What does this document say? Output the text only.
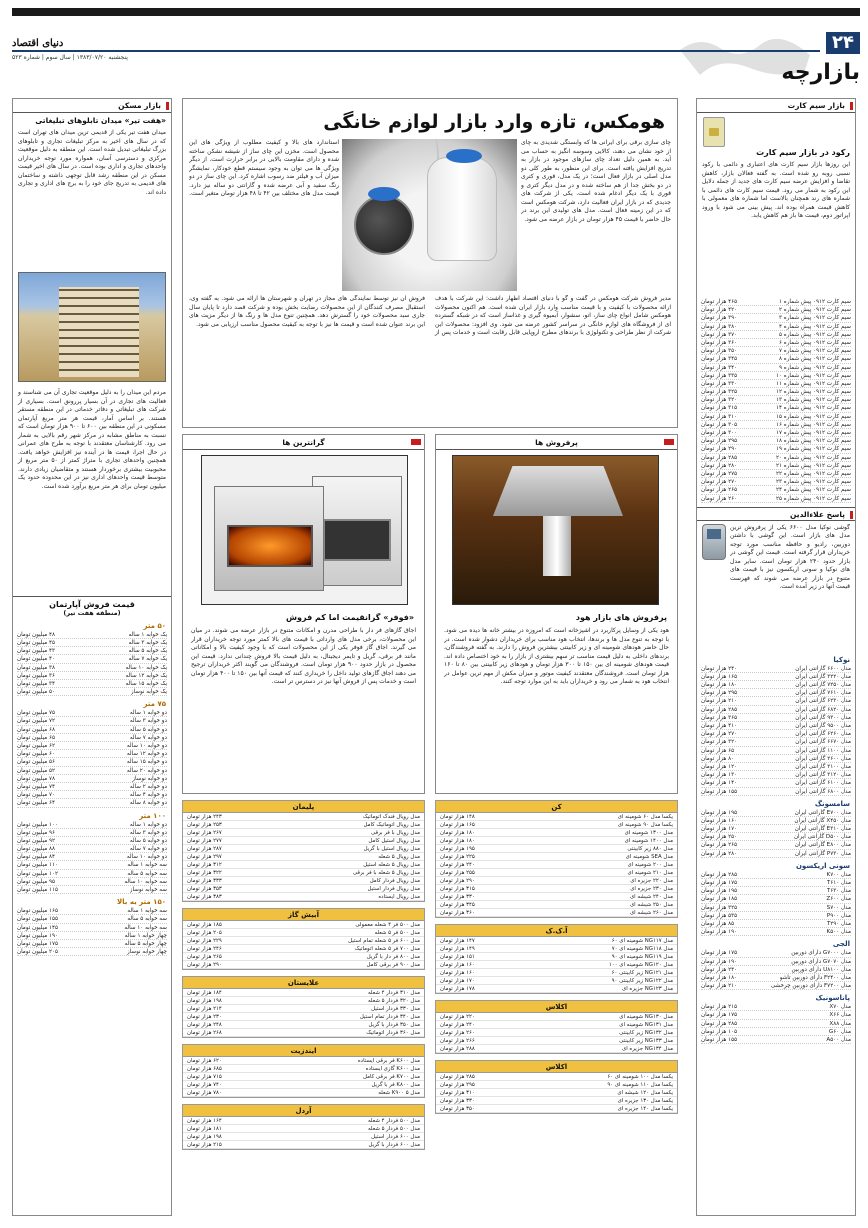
۲۴
بازارچه
دنیای اقتصاد
پنجشنبه ۱۳۸۳/۰۷/۲۰ | سال سوم | شماره ۵۲۳
بازار سیم کارت
رکود در بازار سیم کارت
این روزها بازار سیم کارت های اعتباری و دائمی با رکود نسبی روبه رو شده است. به گفته فعالان بازار، کاهش تقاضا و افزایش عرضه سیم کارت های جدید از جمله دلایل این رکود به شمار می رود. قیمت سیم کارت های دائمی با شماره های رند همچنان بالاست اما شماره های معمولی با کاهش قیمت همراه بوده اند. پیش بینی می شود با ورود اپراتور دوم، قیمت ها باز هم کاهش یابد.
سیم کارت ۰۹۱۲ پیش شماره ۱
۴۶۵ هزار تومان
سیم کارت ۰۹۱۲ پیش شماره ۲
۴۲۰ هزار تومان
سیم کارت ۰۹۱۲ پیش شماره ۳
۳۹۰ هزار تومان
سیم کارت ۰۹۱۲ پیش شماره ۴
۳۸۰ هزار تومان
سیم کارت ۰۹۱۲ پیش شماره ۵
۳۷۰ هزار تومان
سیم کارت ۰۹۱۲ پیش شماره ۶
۳۶۰ هزار تومان
سیم کارت ۰۹۱۲ پیش شماره ۷
۳۵۰ هزار تومان
سیم کارت ۰۹۱۲ پیش شماره ۸
۳۴۵ هزار تومان
سیم کارت ۰۹۱۲ پیش شماره ۹
۳۴۰ هزار تومان
سیم کارت ۰۹۱۲ پیش شماره ۱۰
۳۳۵ هزار تومان
سیم کارت ۰۹۱۲ پیش شماره ۱۱
۳۳۰ هزار تومان
سیم کارت ۰۹۱۲ پیش شماره ۱۲
۳۲۵ هزار تومان
سیم کارت ۰۹۱۲ پیش شماره ۱۳
۳۲۰ هزار تومان
سیم کارت ۰۹۱۲ پیش شماره ۱۴
۳۱۵ هزار تومان
سیم کارت ۰۹۱۲ پیش شماره ۱۵
۳۱۰ هزار تومان
سیم کارت ۰۹۱۲ پیش شماره ۱۶
۳۰۵ هزار تومان
سیم کارت ۰۹۱۲ پیش شماره ۱۷
۳۰۰ هزار تومان
سیم کارت ۰۹۱۲ پیش شماره ۱۸
۲۹۵ هزار تومان
سیم کارت ۰۹۱۲ پیش شماره ۱۹
۲۹۰ هزار تومان
سیم کارت ۰۹۱۲ پیش شماره ۲۰
۲۸۵ هزار تومان
سیم کارت ۰۹۱۲ پیش شماره ۲۱
۲۸۰ هزار تومان
سیم کارت ۰۹۱۲ پیش شماره ۲۲
۲۷۵ هزار تومان
سیم کارت ۰۹۱۲ پیش شماره ۲۳
۲۷۰ هزار تومان
سیم کارت ۰۹۱۲ پیش شماره ۲۴
۲۶۵ هزار تومان
سیم کارت ۰۹۱۲ پیش شماره ۲۵
۲۶۰ هزار تومان
پاسخ علاءالدین
گوشی نوکیا مدل ۶۶۰۰ یکی از پرفروش ترین مدل های بازار است. این گوشی با داشتن دوربین، رادیو و حافظه مناسب مورد توجه خریداران قرار گرفته است. قیمت این گوشی در بازار حدود ۲۴۰ هزار تومان است. سایر مدل های نوکیا و سونی اریکسون نیز با قیمت های متنوع در بازار عرضه می شوند که فهرست قیمت آنها در زیر آمده است.
نوکیا
مدل ۶۶۰۰ گارانتی ایران
۲۴۰ هزار تومان
مدل ۳۲۲۰ گارانتی ایران
۱۶۵ هزار تومان
مدل ۷۲۵۰ گارانتی ایران
۱۸۰ هزار تومان
مدل ۷۶۱۰ گارانتی ایران
۲۹۵ هزار تومان
مدل ۶۲۳۰ گارانتی ایران
۲۱۰ هزار تومان
مدل ۶۸۲۰ گارانتی ایران
۲۸۵ هزار تومان
مدل ۹۳۰۰ گارانتی ایران
۳۶۵ هزار تومان
مدل ۹۵۰۰ گارانتی ایران
۴۱۰ هزار تومان
مدل ۶۲۶۰ گارانتی ایران
۲۷۰ هزار تومان
مدل ۶۶۷۰ گارانتی ایران
۳۲۰ هزار تومان
مدل ۱۱۰۰ گارانتی ایران
۶۵ هزار تومان
مدل ۲۶۰۰ گارانتی ایران
۸۰ هزار تومان
مدل ۳۱۰۰ گارانتی ایران
۱۲۰ هزار تومان
مدل ۳۱۲۰ گارانتی ایران
۱۳۰ هزار تومان
مدل ۶۱۰۰ گارانتی ایران
۱۴۰ هزار تومان
مدل ۶۸۰۰ گارانتی ایران
۱۵۵ هزار تومان
سامسونگ
مدل E۷۰۰ گارانتی ایران
۱۹۵ هزار تومان
مدل X۴۵۰ گارانتی ایران
۱۶۰ هزار تومان
مدل E۳۱۰ گارانتی ایران
۱۷۰ هزار تومان
مدل D۵۰۰ گارانتی ایران
۲۵۰ هزار تومان
مدل E۸۰۰ گارانتی ایران
۲۶۵ هزار تومان
مدل P۷۳۰ گارانتی ایران
۲۸۰ هزار تومان
سونی اریکسون
مدل K۷۰۰
۲۸۵ هزار تومان
مدل T۶۱۰
۱۷۵ هزار تومان
مدل T۶۳۰
۱۹۵ هزار تومان
مدل Z۶۰۰
۱۸۵ هزار تومان
مدل S۷۰۰
۳۲۵ هزار تومان
مدل P۹۰۰
۵۳۵ هزار تومان
مدل T۲۹۰
۸۵ هزار تومان
مدل K۵۰۰
۱۹۰ هزار تومان
الجی
مدل G۷۰۰۰ دارای دوربین
۱۷۵ هزار تومان
مدل G۷۰۷۰ دارای دوربین
۱۹۰ هزار تومان
مدل U۸۱۰۰ دارای دوربین
۲۴۰ هزار تومان
مدل F۲۴۰۰ دارای دوربین تاشو
۱۸۰ هزار تومان
مدل F۷۲۰۰ دارای دوربین چرخشی
۲۱۰ هزار تومان
پاناسونیک
مدل X۷۰
۲۱۵ هزار تومان
مدل X۶۶
۱۷۵ هزار تومان
مدل X۸۸
۲۸۵ هزار تومان
مدل G۶۰
۱۰۵ هزار تومان
مدل A۵۰۰
۱۵۵ هزار تومان
هومکس، تازه وارد بازار لوازم خانگی
چای سازی برقی برای ایرانی ها که وابستگی شدیدی به چای از خود نشان می دهند، کالایی وسوسه انگیز به حساب می آید. به همین دلیل تعداد چای سازهای موجود در بازار به تدریج افزایش یافته است. برای این منظور، به طور کلی دو مدل اصلی در بازار فعال است؛ در یک مدل، قوری و کتری در دو بخش جدا از هم ساخته شده و در مدل دیگر کتری و قوری با یک دیگر ادغام شده است. یکی از شرکت های جدیدی که در بازار ایران فعالیت دارد، شرکت هومکس است که در این زمینه فعال است. مدل های تولیدی این برند در حال حاضر با قیمت ۴۵ هزار تومان در بازار عرضه می شود.
استاندارد های بالا و کیفیت مطلوب از ویژگی های این محصول است. مخزن این چای ساز از شیشه نشکن ساخته شده و دارای مقاومت بالایی در برابر حرارت است. از دیگر ویژگی ها می توان به وجود سیستم قطع خودکار، نمایشگر میزان آب و فیلتر ضد رسوب اشاره کرد. این چای ساز در دو رنگ سفید و آبی عرضه شده و گارانتی دو ساله نیز دارد. قیمت مدل های مختلف بین ۴۲ تا ۴۸ هزار تومان متغیر است.
مدیر فروش شرکت هومکس در گفت و گو با دنیای اقتصاد اظهار داشت: این شرکت با هدف ارائه محصولات با کیفیت و با قیمت مناسب وارد بازار ایران شده است. هم اکنون محصولات هومکس شامل انواع چای ساز، اتو، سشوار، آبمیوه گیری و غذاساز است که در شبکه گسترده ای از فروشگاه های لوازم خانگی در سراسر کشور عرضه می شود. وی افزود: محصولات این شرکت از نظر طراحی و تکنولوژی با برندهای مطرح اروپایی قابل رقابت است و خدمات پس از فروش آن نیز توسط نمایندگی های مجاز در تهران و شهرستان ها ارائه می شود. به گفته وی، استقبال مصرف کنندگان از این محصولات رضایت بخش بوده و شرکت قصد دارد تا پایان سال جاری سبد محصولات خود را گسترش دهد. همچنین تنوع مدل ها و رنگ ها از دیگر مزیت های این برند عنوان شده است و قیمت ها نیز با توجه به کیفیت محصول مناسب ارزیابی می شود.
پرفروش ها
پرفروش های بازار هود
هود یکی از وسایل پرکاربرد در آشپزخانه است که امروزه در بیشتر خانه ها دیده می شود. با توجه به تنوع مدل ها و برندها، انتخاب هود مناسب برای خریداران دشوار شده است. در حال حاضر هودهای شومینه ای و زیر کابینتی بیشترین فروش را دارند. به گفته فروشندگان، برندهای داخلی به دلیل قیمت مناسب تر سهم بیشتری از بازار را به خود اختصاص داده اند. قیمت هودهای شومینه ای بین ۱۵۰ تا ۳۰۰ هزار تومان و هودهای زیر کابینتی بین ۸۰ تا ۱۶۰ هزار تومان است. فروشندگان معتقدند کیفیت موتور و میزان مکش از مهم ترین عوامل در انتخاب هود به شمار می رود و خریداران باید به این موارد توجه کنند.
گرانترین ها
«فوفر» گرانقیمت اما کم فروش
اجاق گازهای فر دار با طراحی مدرن و امکانات متنوع در بازار عرضه می شوند. در میان این محصولات، برخی مدل های وارداتی با قیمت های بالا کمتر مورد توجه خریداران قرار می گیرند. اجاق گاز فوفر یکی از این محصولات است که با وجود کیفیت بالا و امکاناتی مانند فر برقی، گریل و تایمر دیجیتال، به دلیل قیمت بالا فروش چندانی ندارد. قیمت این محصول در بازار حدود ۹۰۰ هزار تومان است. فروشندگان می گویند اکثر خریداران ترجیح می دهند اجاق گازهای تولید داخل را خریداری کنند که قیمت آنها بین ۱۵۰ تا ۴۰۰ هزار تومان است و خدمات پس از فروش آنها نیز در دسترس تر است.
کن
یکسا مدل ۶۰ شومینه ای
۱۴۸ هزار تومان
یکسا مدل ۹۰ شومینه ای
۱۶۵ هزار تومان
مدل ۱۳۰۰ شومینه ای
۱۸۰ هزار تومان
مدل ۱۴۰۰ شومینه ای
۱۸۰ هزار تومان
مدل ۸۸۰ زیر کابینتی
۱۹۵ هزار تومان
مدل SEA شومینه ای
۲۲۵ هزار تومان
مدل ۲۰۰ شومینه ای
۲۴۰ هزار تومان
مدل ۲۱۰ شومینه ای
۲۵۵ هزار تومان
مدل ۲۲۰ جزیره ای
۲۹۰ هزار تومان
مدل ۲۳۰ جزیره ای
۳۱۵ هزار تومان
مدل ۲۴۰ شیشه ای
۳۳۰ هزار تومان
مدل ۲۵۰ شیشه ای
۳۴۵ هزار تومان
مدل ۲۶۰ شیشه ای
۳۶۰ هزار تومان
آ.ک.ک
مدل NG۱۱۷ شومینه ای ۶۰
۱۴۷ هزار تومان
مدل NG۱۱۸ شومینه ای ۷۰
۱۴۹ هزار تومان
مدل NG۱۱۹ شومینه ای ۹۰
۱۵۱ هزار تومان
مدل NG۱۲۰ شومینه ای ۱۰۰
۱۶۰ هزار تومان
مدل NG۱۲۱ زیر کابینتی ۶۰
۱۶۰ هزار تومان
مدل NG۱۲۲ زیر کابینتی ۹۰
۱۷۰ هزار تومان
مدل NG۱۲۳ جزیره ای
۱۷۸ هزار تومان
اکلاس
مدل NG۱۳۰ شومینه ای
۲۲۰ هزار تومان
مدل NG۱۳۱ شومینه ای
۲۴۰ هزار تومان
مدل NG۱۳۲ زیر کابینتی
۲۶۰ هزار تومان
مدل NG۱۳۳ زیر کابینتی
۲۶۶ هزار تومان
مدل NG۱۳۴ جزیره ای
۲۸۸ هزار تومان
اکلاس
یکسا مدل ۱۰۰ شومینه ای ۶۰
۲۸۵ هزار تومان
یکسا مدل ۱۱۰ شومینه ای ۹۰
۲۹۵ هزار تومان
یکسا مدل ۱۲۰ شیشه ای
۳۱۰ هزار تومان
یکسا مدل ۱۳۰ جزیره ای
۳۳۰ هزار تومان
یکسا مدل ۱۴۰ جزیره ای
۳۵۰ هزار تومان
پلیمان
مدل رویال فندک اتوماتیک
۲۴۳ هزار تومان
مدل رویال اتوماتیک کامل
۲۵۳ هزار تومان
مدل رویال با فر برقی
۲۶۷ هزار تومان
مدل رویال استیل کامل
۲۷۷ هزار تومان
مدل رویال استیل با گریل
۲۸۷ هزار تومان
مدل رویال ۵ شعله
۲۹۷ هزار تومان
مدل رویال ۵ شعله استیل
۳۱۲ هزار تومان
مدل رویال ۵ شعله با فر برقی
۳۲۲ هزار تومان
مدل رویال فردار کامل
۳۳۳ هزار تومان
مدل رویال فردار استیل
۳۵۳ هزار تومان
مدل رویال ایستاده
۳۸۳ هزار تومان
آبیش گاز
مدل ۵۰۰ فر ۴ شعله معمولی
۱۸۵ هزار تومان
مدل ۵۰۰ فر ۵ شعله
۲۰۵ هزار تومان
مدل ۶۰۰ فر ۵ شعله تمام استیل
۲۲۹ هزار تومان
مدل ۷۰۰ فر ۵ شعله اتوماتیک
۲۴۶ هزار تومان
مدل ۸۰۰ فر دار با گریل
۲۶۵ هزار تومان
مدل ۹۰۰ فر برقی کامل
۲۹۰ هزار تومان
علایستان
مدل ۳۱۰ فردار ۴ شعله
۱۸۴ هزار تومان
مدل ۳۲۰ فردار ۵ شعله
۱۹۸ هزار تومان
مدل ۳۳۰ فردار استیل
۲۱۴ هزار تومان
مدل ۳۴۰ فردار تمام استیل
۲۳۰ هزار تومان
مدل ۳۵۰ فردار با گریل
۲۴۸ هزار تومان
مدل ۳۶۰ فردار اتوماتیک
۲۶۸ هزار تومان
ایندزیت
مدل K۶۰۰ فر برقی ایستاده
۶۲۰ هزار تومان
مدل K۶۰۰ گازی ایستاده
۶۸۵ هزار تومان
مدل K۷۰۰ فر برقی کامل
۷۱۵ هزار تومان
مدل K۸۰۰ فر با گریل
۷۴۰ هزار تومان
مدل K۹۰۰ ۵ شعله
۷۸۰ هزار تومان
آردل
مدل ۵۰۰ فردار ۴ شعله
۱۶۴ هزار تومان
مدل ۵۰۰ فردار ۵ شعله
۱۸۱ هزار تومان
مدل ۶۰۰ فردار استیل
۱۹۸ هزار تومان
مدل ۶۰۰ فردار با گریل
۲۱۵ هزار تومان
بازار مسکن
«هفت تیر» میدان تابلوهای تبلیغاتی
میدان هفت تیر یکی از قدیمی ترین میدان های تهران است که در سال های اخیر به مرکز تبلیغات تجاری و تابلوهای بزرگ تبلیغاتی تبدیل شده است. این منطقه به دلیل موقعیت مرکزی و دسترسی آسان، همواره مورد توجه خریداران واحدهای تجاری و اداری بوده است. در سال های اخیر قیمت مسکن در این منطقه رشد قابل توجهی داشته و ساختمان های قدیمی به تدریج جای خود را به برج های اداری و تجاری داده اند.
مردم این میدان را به دلیل موقعیت تجاری آن می شناسند و فعالیت های تجاری در آن بسیار پررونق است. بسیاری از شرکت های تبلیغاتی و دفاتر خدماتی در این منطقه مستقر هستند. بر اساس آمار، قیمت هر متر مربع آپارتمان مسکونی در این منطقه بین ۶۰۰ تا ۹۰۰ هزار تومان است که نسبت به مناطق مشابه در مرکز شهر رقم بالایی به شمار می رود. کارشناسان معتقدند با توجه به طرح های عمرانی در حال اجرا، قیمت ها در آینده نیز افزایش خواهد یافت. همچنین واحدهای تجاری با متراژ کمتر از ۵۰ متر مربع از محبوبیت بیشتری برخوردار هستند و متقاضیان زیادی دارند. متوسط قیمت واحدهای اداری نیز در این محدوده حدود یک میلیون تومان برای هر متر مربع برآورد شده است.
قیمت فروش آپارتمان
(منطقه هفت تیر)
۵۰ متر
یک خوابه ۱ ساله
۴۸ میلیون تومان
یک خوابه ۳ ساله
۴۵ میلیون تومان
یک خوابه ۵ ساله
۴۳ میلیون تومان
یک خوابه ۷ ساله
۴۰ میلیون تومان
یک خوابه ۱۰ ساله
۳۸ میلیون تومان
یک خوابه ۱۲ ساله
۳۶ میلیون تومان
یک خوابه ۱۵ ساله
۳۴ میلیون تومان
یک خوابه نوساز
۵۰ میلیون تومان
۷۵ متر
دو خوابه ۱ ساله
۷۵ میلیون تومان
دو خوابه ۳ ساله
۷۲ میلیون تومان
دو خوابه ۵ ساله
۶۸ میلیون تومان
دو خوابه ۷ ساله
۶۵ میلیون تومان
دو خوابه ۱۰ ساله
۶۲ میلیون تومان
دو خوابه ۱۲ ساله
۶۰ میلیون تومان
دو خوابه ۱۵ ساله
۵۶ میلیون تومان
دو خوابه ۲۰ ساله
۵۲ میلیون تومان
دو خوابه نوساز
۷۸ میلیون تومان
دو خوابه ۲ ساله
۷۴ میلیون تومان
دو خوابه ۴ ساله
۷۰ میلیون تومان
دو خوابه ۸ ساله
۶۴ میلیون تومان
۱۰۰ متر
دو خوابه ۱ ساله
۱۰۰ میلیون تومان
دو خوابه ۳ ساله
۹۶ میلیون تومان
دو خوابه ۵ ساله
۹۲ میلیون تومان
دو خوابه ۷ ساله
۸۸ میلیون تومان
دو خوابه ۱۰ ساله
۸۴ میلیون تومان
سه خوابه ۱ ساله
۱۱۰ میلیون تومان
سه خوابه ۵ ساله
۱۰۲ میلیون تومان
سه خوابه ۱۰ ساله
۹۵ میلیون تومان
سه خوابه نوساز
۱۱۵ میلیون تومان
۱۵۰ متر به بالا
سه خوابه ۱ ساله
۱۶۵ میلیون تومان
سه خوابه ۵ ساله
۱۵۵ میلیون تومان
سه خوابه ۱۰ ساله
۱۴۵ میلیون تومان
چهار خوابه ۱ ساله
۱۹۰ میلیون تومان
چهار خوابه ۵ ساله
۱۷۵ میلیون تومان
چهار خوابه نوساز
۲۰۵ میلیون تومان
